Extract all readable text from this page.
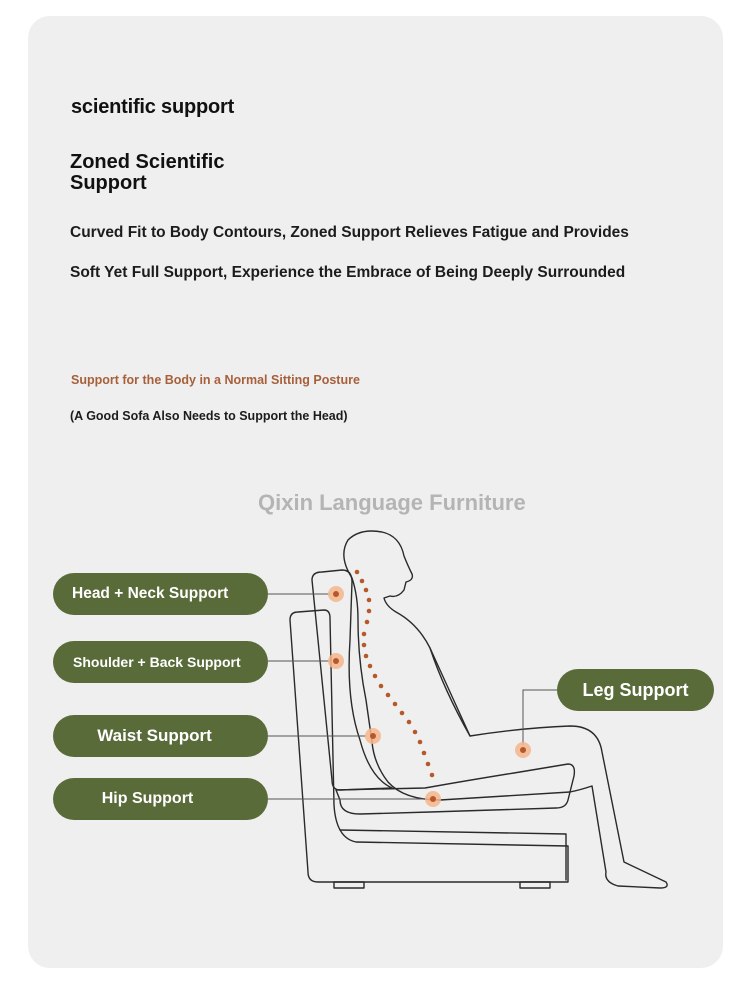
scientific support
Zoned Scientific Support
Curved Fit to Body Contours, Zoned Support Relieves Fatigue and Provides
Soft Yet Full Support, Experience the Embrace of Being Deeply Surrounded
Support for the Body in a Normal Sitting Posture
(A Good Sofa Also Needs to Support the Head)
Qixin Language Furniture
Head + Neck Support
Shoulder + Back Support
Waist Support
Hip Support
Leg Support
